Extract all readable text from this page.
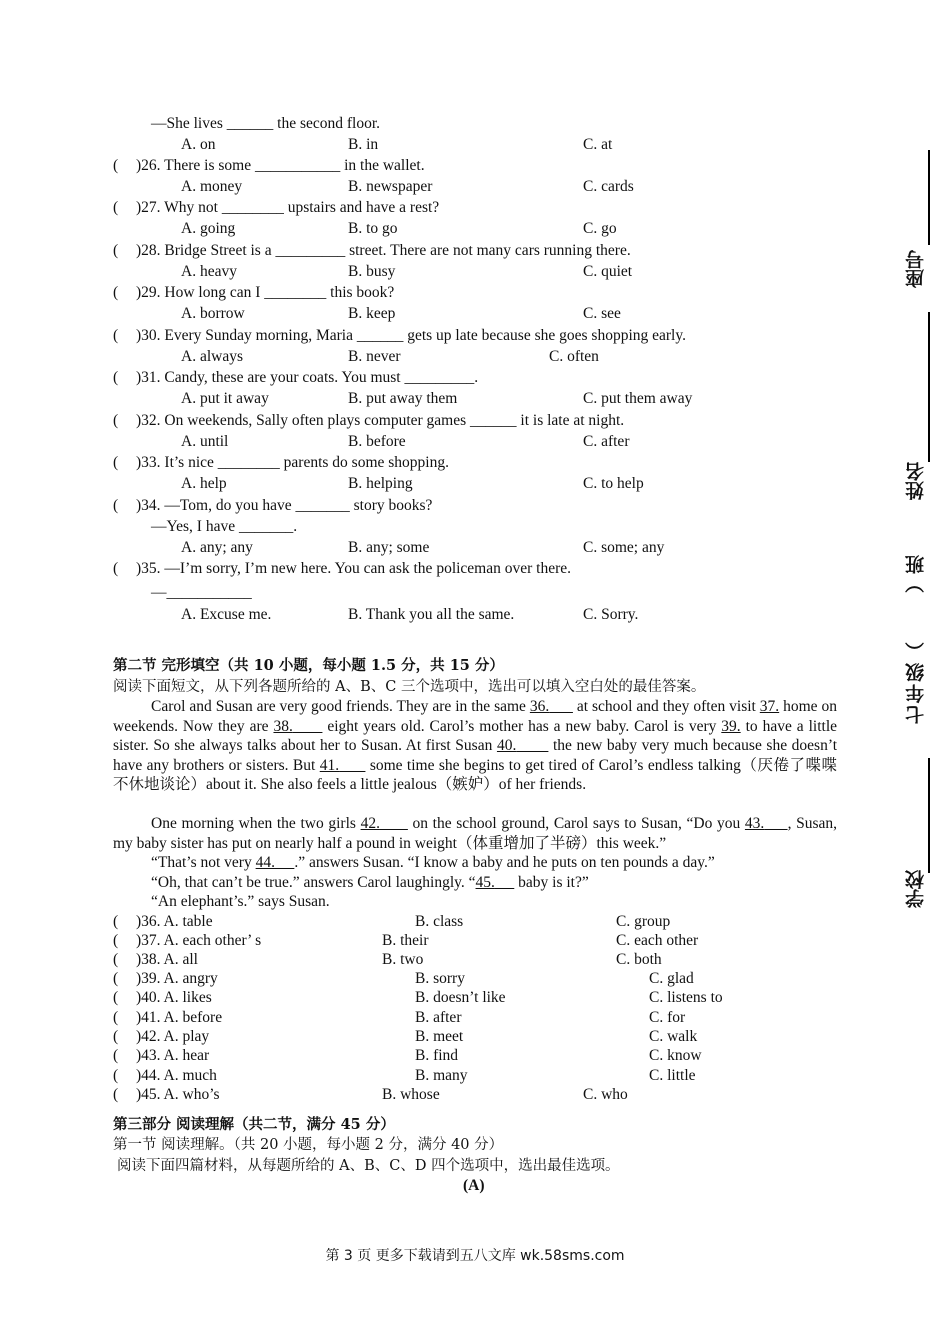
—She lives ______ the second floor.
A. on	B. in	C. at
( )26. There is some ___________ in the wallet.
A. money	B. newspaper	C. cards
( )27. Why not ________ upstairs and have a rest?
A. going	B. to go	C. go
( )28. Bridge Street is a _________ street. There are not many cars running there.
A. heavy	B. busy	C. quiet
( )29. How long can I ________ this book?
A. borrow	B. keep	C. see
( )30. Every Sunday morning, Maria ______ gets up late because she goes shopping early.
A. always	B. never	C. often
( )31. Candy, these are your coats. You must _________.
A. put it away	B. put away them	C. put them away
( )32. On weekends, Sally often plays computer games ______ it is late at night.
A. until	B. before	C. after
( )33. It’s nice ________ parents do some shopping.
A. help	B. helping	C. to help
( )34. —Tom, do you have _______ story books?
—Yes, I have _______.
A. any; any	B. any; some	C. some; any
( )35. —I’m sorry, I’m new here. You can ask the policeman over there.
—___________
A. Excuse me.	B. Thank you all the same.	C. Sorry.
第二节 完形填空（共 10 小题，每小题 1.5 分，共 15 分）
阅读下面短文，从下列各题所给的 A、B、C 三个选项中，选出可以填入空白处的最佳答案。
Carol and Susan are very good friends. They are in the same 36.       at school and they often visit 37. home on weekends. Now they are 38.       eight years old. Carol’s mother has a new baby. Carol is very 39. to have a little sister. So she always talks about her to Susan. At first Susan 40.        the new baby very much because she doesn’t have any brothers or sisters. But 41.       some time she begins to get tired of Carol’s endless talking（厌倦了喋喋不休地谈论）about it. She also feels a little jealous（嫉妒）of her friends.
One morning when the two girls 42.       on the school ground, Carol says to Susan, “Do you 43. , Susan, my baby sister has put on nearly half a pound in weight（体重增加了半磅）this week.”
“That’s not very 44. .” answers Susan. “I know a baby and he puts on ten pounds a day.”
“Oh, that can’t be true.” answers Carol laughingly. “45.      baby is it?”
“An elephant’s.” says Susan.
( )36. A. table	B. class	C. group
( )37. A. each other’ s	B. their	C. each other
( )38. A. all	B. two	C. both
( )39. A. angry	B. sorry	C. glad
( )40. A. likes	B. doesn’t like	C. listens to
( )41. A. before	B. after	C. for
( )42. A. play	B. meet	C. walk
( )43. A. hear	B. find	C. know
( )44. A. much	B. many	C. little
( )45. A. who’s	B. whose	C. who
第三部分 阅读理解（共二节，满分 45 分）
第一节 阅读理解。（共 20 小题，每小题 2 分，满分 40 分）
阅读下面四篇材料，从每题所给的 A、B、C、D 四个选项中，选出最佳选项。
(A)
第 3 页 更多下载请到五八文库 wk.58sms.com
座号
姓名
）班
七年级（
学校
